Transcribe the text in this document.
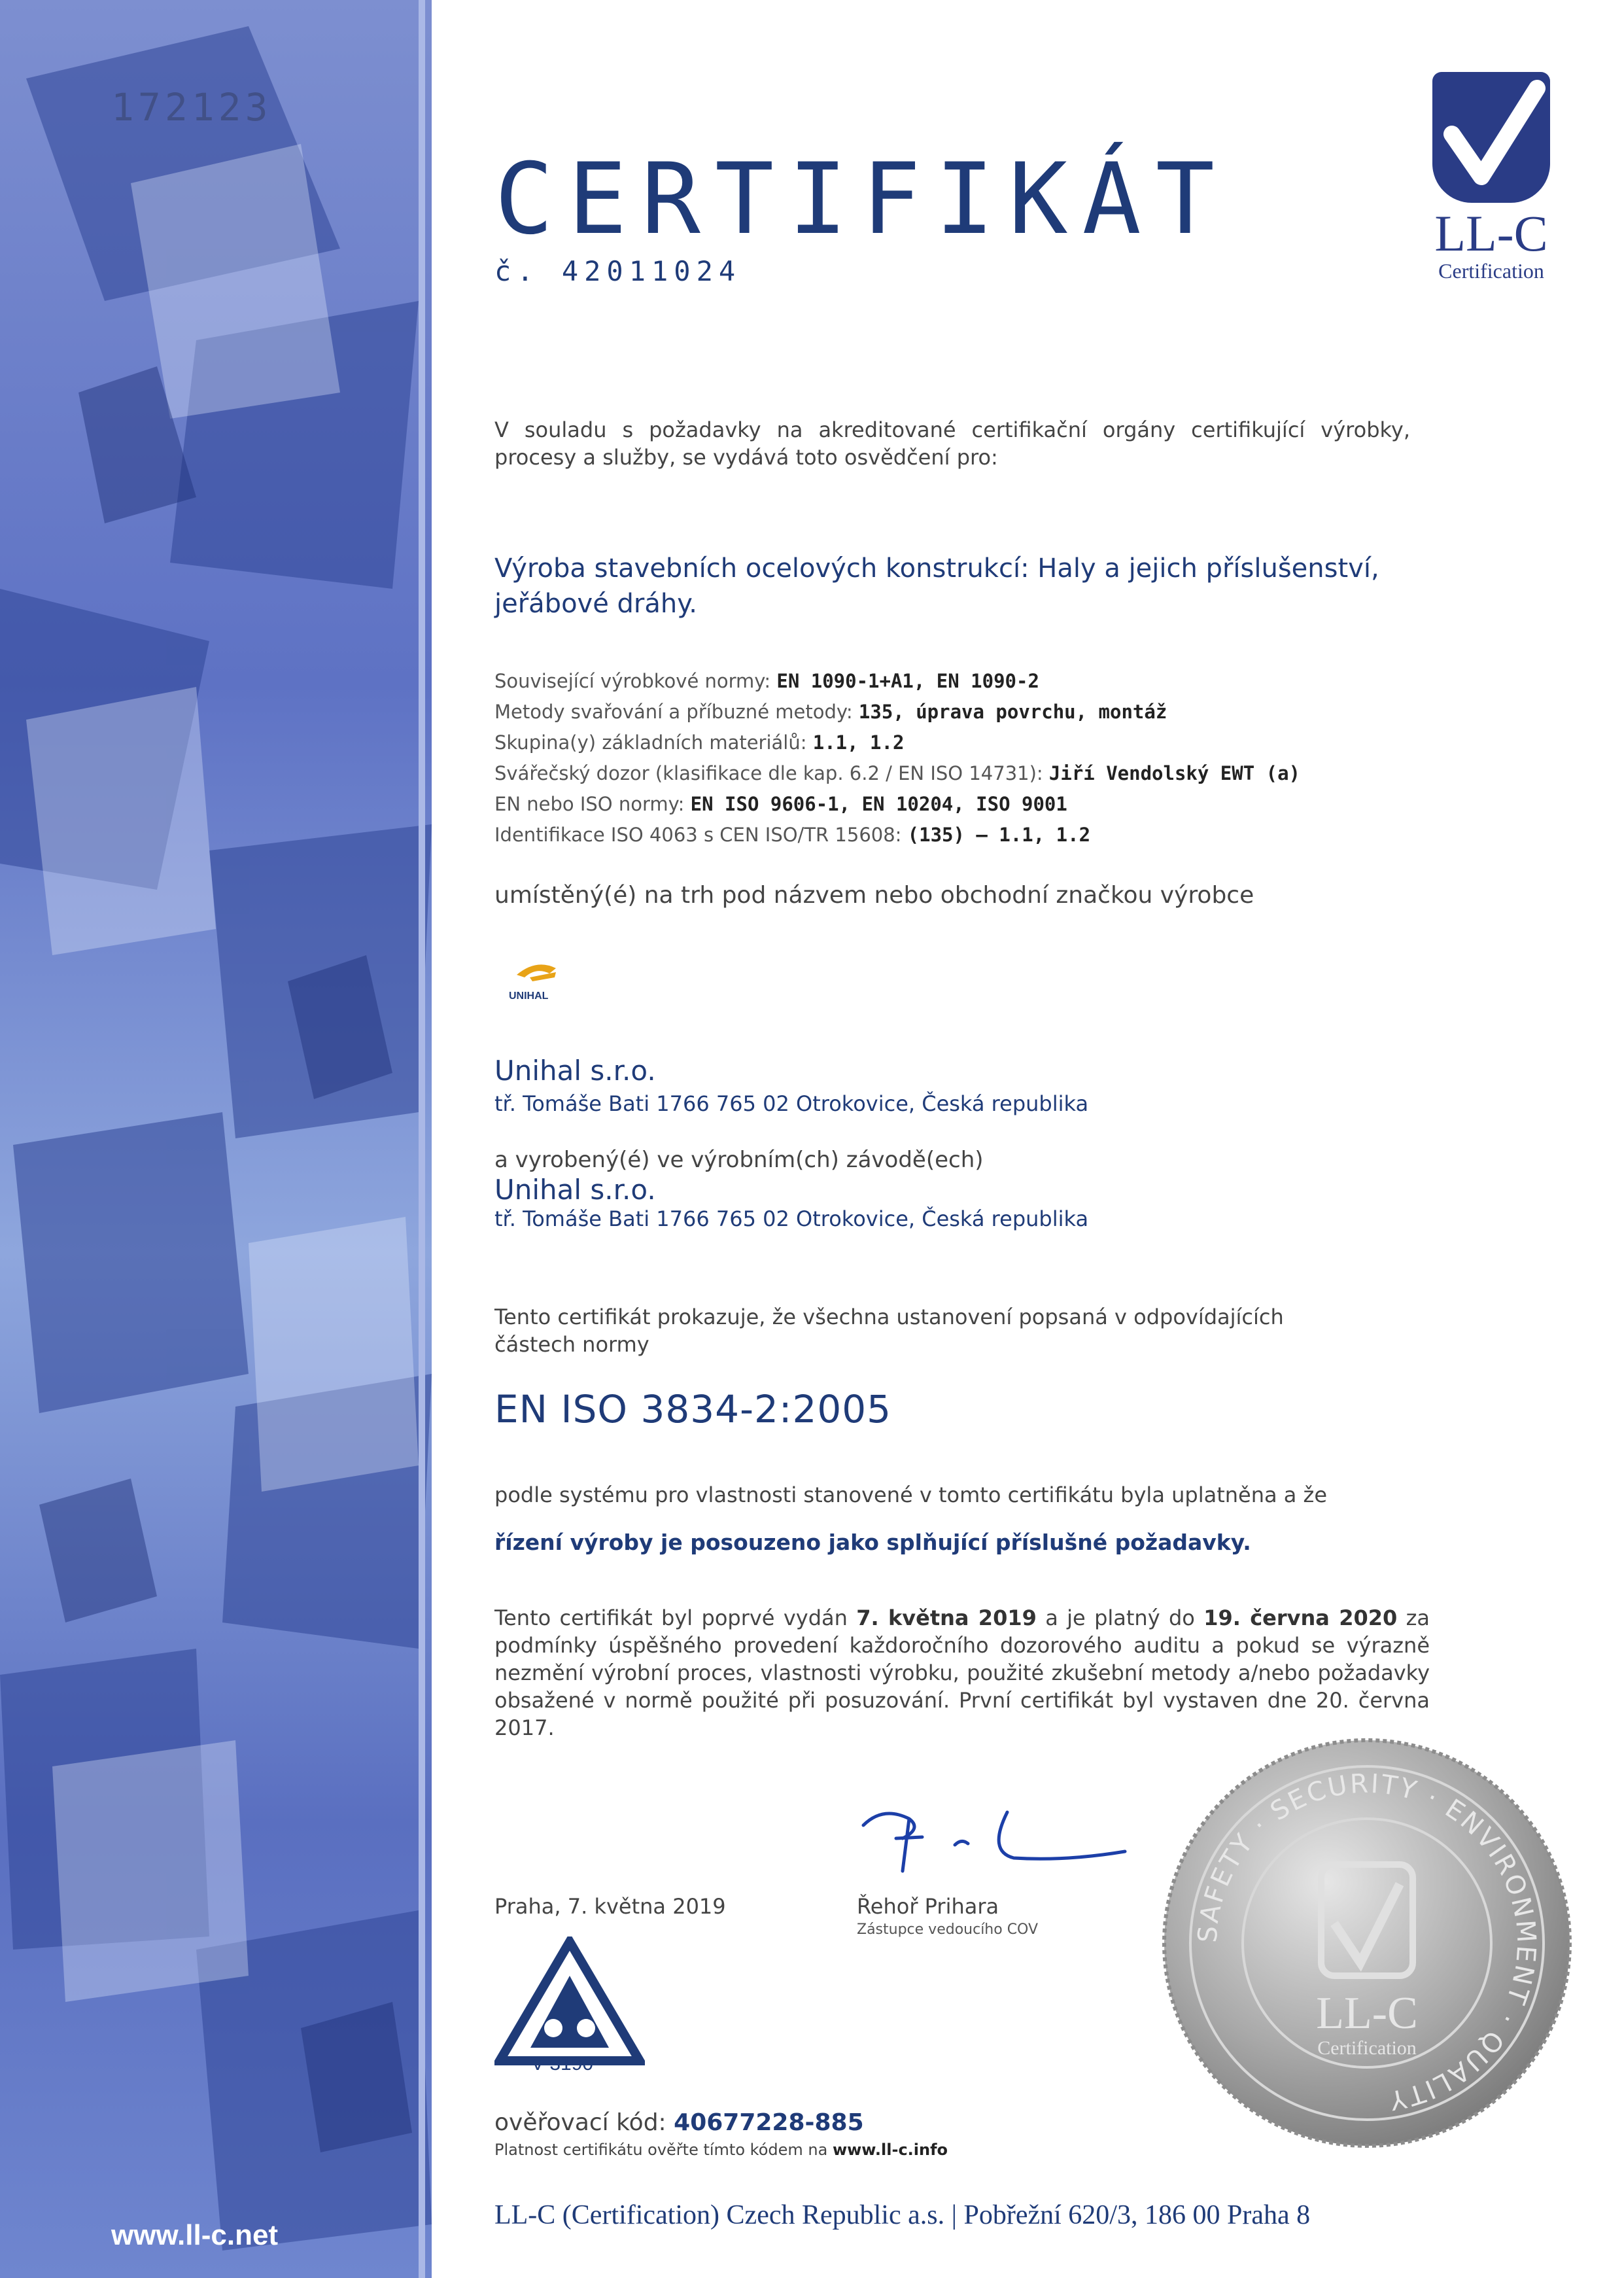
172123
www.ll-c.net
CERTIFIKÁT
č. 42011024
LL-C
Certification
V souladu s požadavky na akreditované certifikační orgány certifikující výrobky, procesy a služby, se vydává toto osvědčení pro:
Výroba stavebních ocelových konstrukcí: Haly a jejich příslušenství, jeřábové dráhy.
Související výrobkové normy: EN 1090-1+A1, EN 1090-2
Metody svařování a příbuzné metody: 135, úprava povrchu, montáž
Skupina(y) základních materiálů: 1.1, 1.2
Svářečský dozor (klasifikace dle kap. 6.2 / EN ISO 14731): Jiří Vendolský EWT (a)
EN nebo ISO normy: EN ISO 9606-1, EN 10204, ISO 9001
Identifikace ISO 4063 s CEN ISO/TR 15608: (135) – 1.1, 1.2
umístěný(é) na trh pod názvem nebo obchodní značkou výrobce
UNIHAL
Unihal s.r.o.
tř. Tomáše Bati 1766 765 02 Otrokovice, Česká republika
a vyrobený(é) ve výrobním(ch) závodě(ech)
Unihal s.r.o.
tř. Tomáše Bati 1766 765 02 Otrokovice, Česká republika
Tento certifikát prokazuje, že všechna ustanovení popsaná v odpovídajících částech normy
EN ISO 3834-2:2005
podle systému pro vlastnosti stanovené v tomto certifikátu byla uplatněna a že
řízení výroby je posouzeno jako splňující příslušné požadavky.
Tento certifikát byl poprvé vydán 7. května 2019 a je platný do 19. června 2020 za podmínky úspěšného provedení každoročního dozorového auditu a pokud se výrazně nezmění výrobní proces, vlastnosti výrobku, použité zkušební metody a/nebo požadavky obsažené v normě použité při posuzování. První certifikát byl vystaven dne 20. června 2017.
Praha, 7. května 2019	Řehoř Prihara
Zástupce vedoucího COV
V 3190
ověřovací kód: 40677228-885
Platnost certifikátu ověřte tímto kódem na www.ll-c.info
SAFETY · SECURITY · ENVIRONMENT · QUALITY
LL-C
Certification
LL-C (Certification) Czech Republic a.s. | Pobřežní 620/3, 186 00 Praha 8
